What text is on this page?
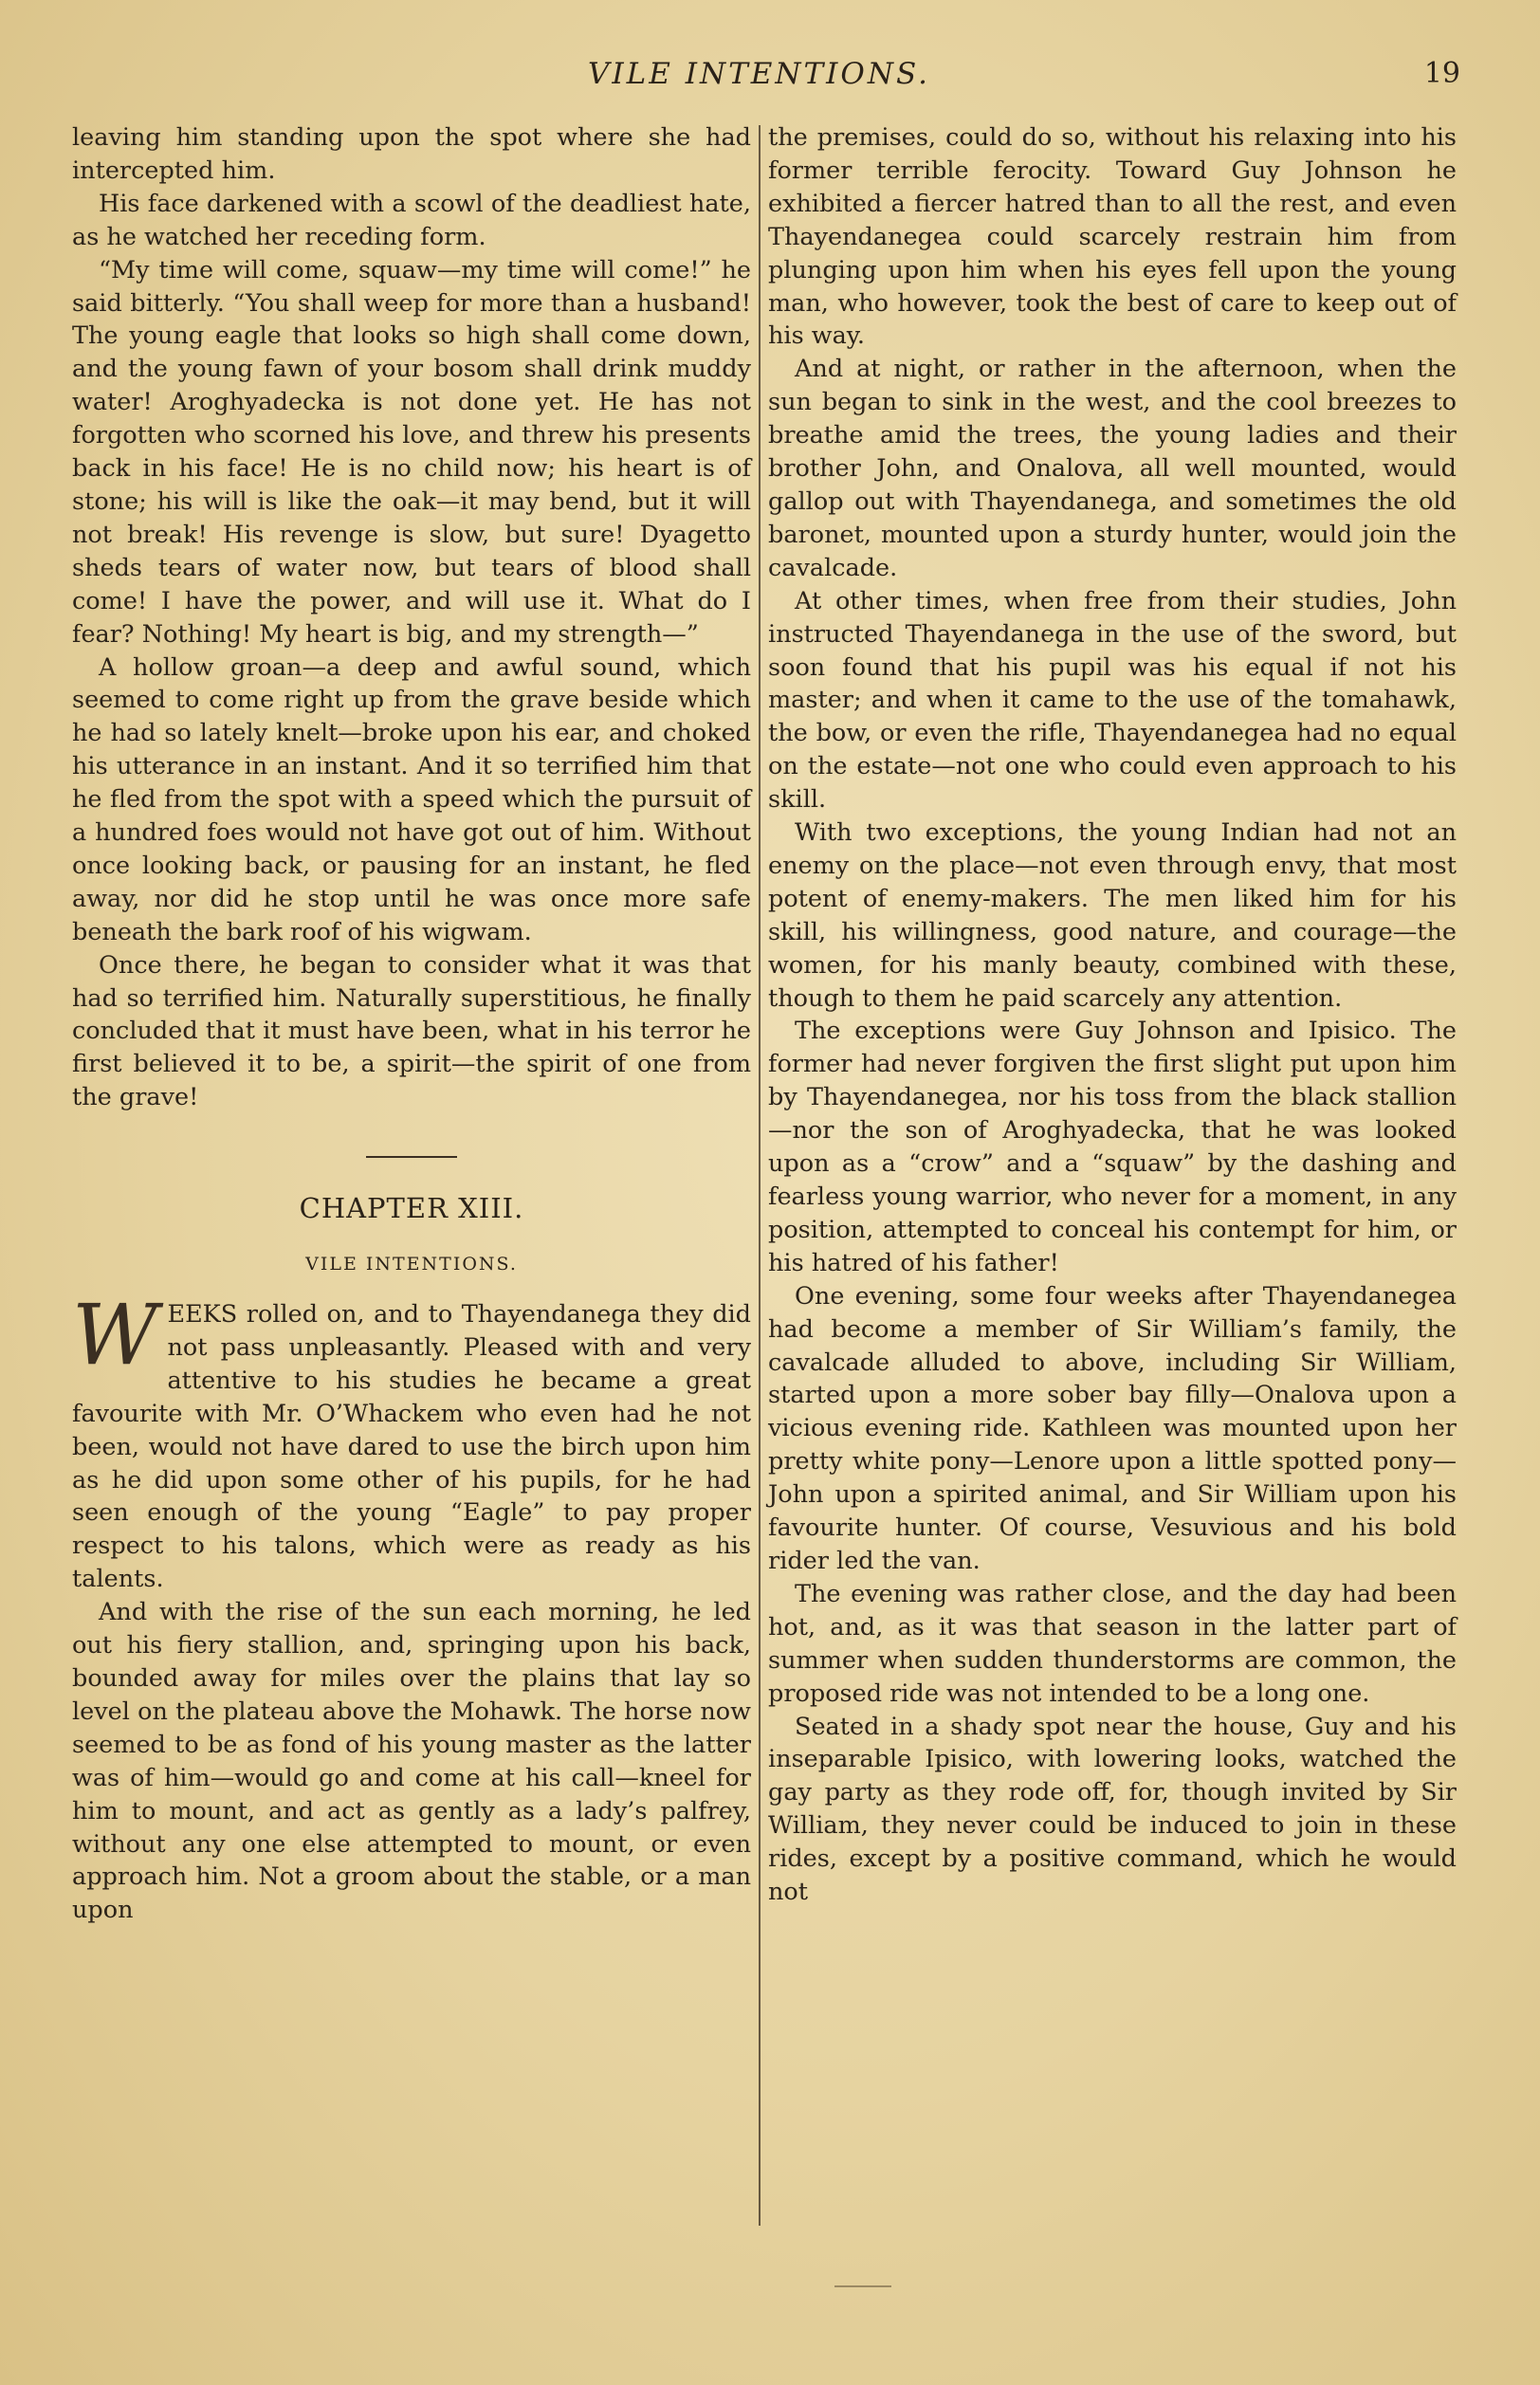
VILE INTENTIONS.	19

leaving him standing upon the spot where she had intercepted him.

His face darkened with a scowl of the deadliest hate, as he watched her receding form.

“My time will come, squaw—my time will come!” he said bitterly. “You shall weep for more than a husband! The young eagle that looks so high shall come down, and the young fawn of your bosom shall drink muddy water! Aroghyadecka is not done yet. He has not forgotten who scorned his love, and threw his presents back in his face! He is no child now; his heart is of stone; his will is like the oak—it may bend, but it will not break! His revenge is slow, but sure! Dyagetto sheds tears of water now, but tears of blood shall come! I have the power, and will use it. What do I fear? Nothing! My heart is big, and my strength—”

A hollow groan—a deep and awful sound, which seemed to come right up from the grave beside which he had so lately knelt—broke upon his ear, and choked his utterance in an instant. And it so terrified him that he fled from the spot with a speed which the pursuit of a hundred foes would not have got out of him. Without once looking back, or pausing for an instant, he fled away, nor did he stop until he was once more safe beneath the bark roof of his wigwam.

Once there, he began to consider what it was that had so terrified him. Naturally superstitious, he finally concluded that it must have been, what in his terror he first believed it to be, a spirit—the spirit of one from the grave!

CHAPTER XIII.
VILE INTENTIONS.

WEEKS rolled on, and to Thayendanega they did not pass unpleasantly. Pleased with and very attentive to his studies he became a great favourite with Mr. O’Whackem who even had he not been, would not have dared to use the birch upon him as he did upon some other of his pupils, for he had seen enough of the young “Eagle” to pay proper respect to his talons, which were as ready as his talents.

And with the rise of the sun each morning, he led out his fiery stallion, and, springing upon his back, bounded away for miles over the plains that lay so level on the plateau above the Mohawk. The horse now seemed to be as fond of his young master as the latter was of him—would go and come at his call—kneel for him to mount, and act as gently as a lady’s palfrey, without any one else attempted to mount, or even approach him. Not a groom about the stable, or a man upon

the premises, could do so, without his relaxing into his former terrible ferocity. Toward Guy Johnson he exhibited a fiercer hatred than to all the rest, and even Thayendanegea could scarcely restrain him from plunging upon him when his eyes fell upon the young man, who however, took the best of care to keep out of his way.

And at night, or rather in the afternoon, when the sun began to sink in the west, and the cool breezes to breathe amid the trees, the young ladies and their brother John, and Onalova, all well mounted, would gallop out with Thayendanega, and sometimes the old baronet, mounted upon a sturdy hunter, would join the cavalcade.

At other times, when free from their studies, John instructed Thayendanega in the use of the sword, but soon found that his pupil was his equal if not his master; and when it came to the use of the tomahawk, the bow, or even the rifle, Thayendanegea had no equal on the estate—not one who could even approach to his skill.

With two exceptions, the young Indian had not an enemy on the place—not even through envy, that most potent of enemy-makers. The men liked him for his skill, his willingness, good nature, and courage—the women, for his manly beauty, combined with these, though to them he paid scarcely any attention.

The exceptions were Guy Johnson and Ipisico. The former had never forgiven the first slight put upon him by Thayendanegea, nor his toss from the black stallion—nor the son of Aroghyadecka, that he was looked upon as a “crow” and a “squaw” by the dashing and fearless young warrior, who never for a moment, in any position, attempted to conceal his contempt for him, or his hatred of his father!

One evening, some four weeks after Thayendanegea had become a member of Sir William’s family, the cavalcade alluded to above, including Sir William, started upon a more sober bay filly—Onalova upon a vicious evening ride. Kathleen was mounted upon her pretty white pony—Lenore upon a little spotted pony—John upon a spirited animal, and Sir William upon his favourite hunter. Of course, Vesuvious and his bold rider led the van.

The evening was rather close, and the day had been hot, and, as it was that season in the latter part of summer when sudden thunderstorms are common, the proposed ride was not intended to be a long one.

Seated in a shady spot near the house, Guy and his inseparable Ipisico, with lowering looks, watched the gay party as they rode off, for, though invited by Sir William, they never could be induced to join in these rides, except by a positive command, which he would not
